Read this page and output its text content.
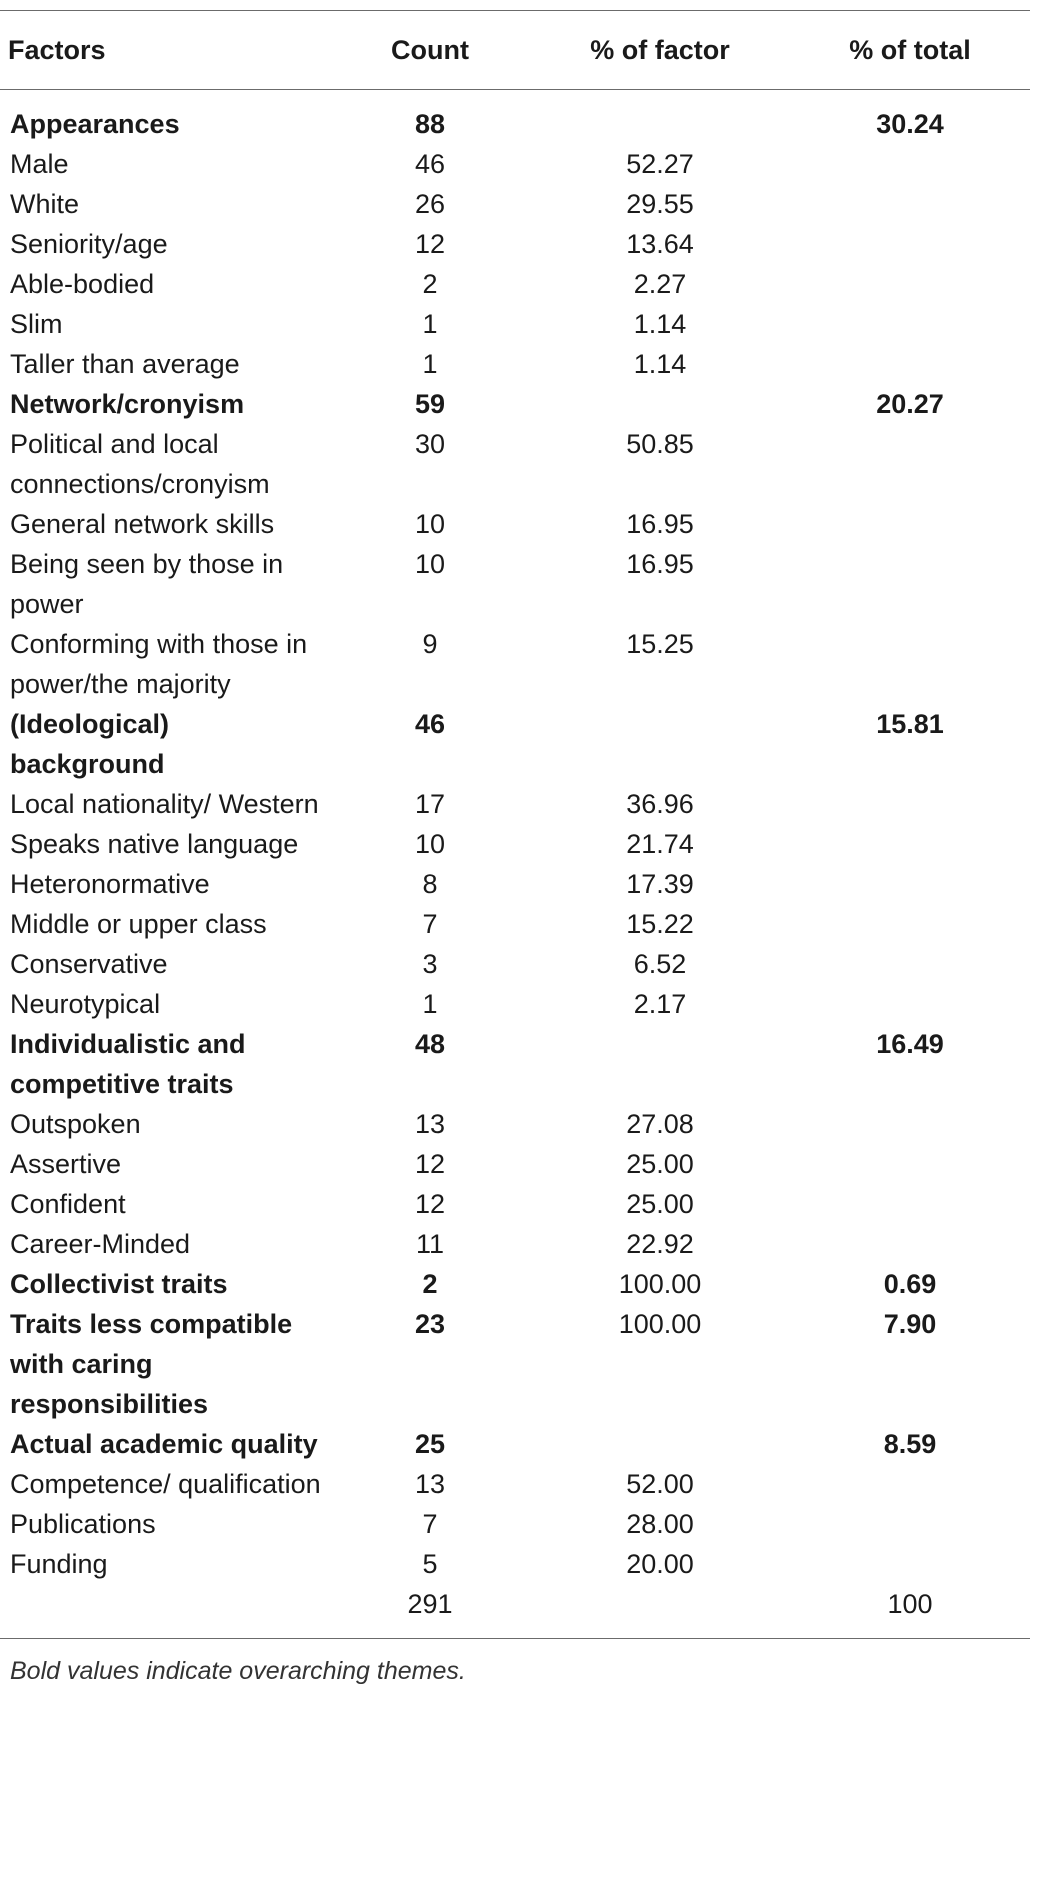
Factors	Count	% of factor	% of total
Appearances	88		30.24
Male	46	52.27	
White	26	29.55	
Seniority/age	12	13.64	
Able-bodied	2	2.27	
Slim	1	1.14	
Taller than average	1	1.14	
Network/cronyism	59		20.27
Political and local connections/cronyism	30	50.85	
General network skills	10	16.95	
Being seen by those in power	10	16.95	
Conforming with those in power/the majority	9	15.25	
(Ideological) background	46		15.81
Local nationality/ Western	17	36.96	
Speaks native language	10	21.74	
Heteronormative	8	17.39	
Middle or upper class	7	15.22	
Conservative	3	6.52	
Neurotypical	1	2.17	
Individualistic and competitive traits	48		16.49
Outspoken	13	27.08	
Assertive	12	25.00	
Confident	12	25.00	
Career-Minded	11	22.92	
Collectivist traits	2	100.00	0.69
Traits less compatible with caring responsibilities	23	100.00	7.90
Actual academic quality	25		8.59
Competence/ qualification	13	52.00	
Publications	7	28.00	
Funding	5	20.00	
	291		100
Bold values indicate overarching themes.
